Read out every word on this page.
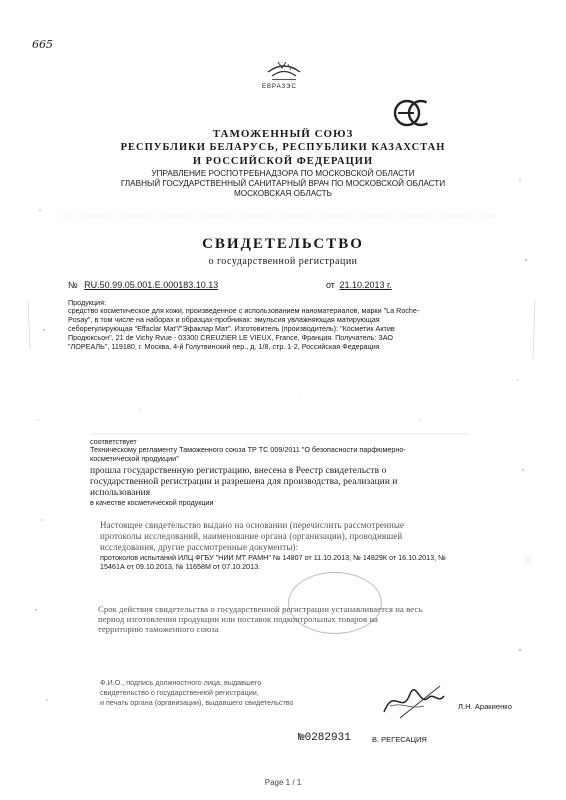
665
ЕВРАЗЭС
ТАМОЖЕННЫЙ СОЮЗ
РЕСПУБЛИКИ БЕЛАРУСЬ, РЕСПУБЛИКИ КАЗАХСТАН
И РОССИЙСКОЙ ФЕДЕРАЦИИ
УПРАВЛЕНИЕ РОСПОТРЕБНАДЗОРА ПО МОСКОВСКОЙ ОБЛАСТИ
ГЛАВНЫЙ ГОСУДАРСТВЕННЫЙ САНИТАРНЫЙ ВРАЧ ПО МОСКОВСКОЙ ОБЛАСТИ
МОСКОВСКАЯ ОБЛАСТЬ
СВИДЕТЕЛЬСТВО
о государственной регистрации
№ RU.50.99.05.001.Е.000183.10.13	от 21.10.2013 г.
Продукция:
средство косметическое для кожи, произведенное с использованием наноматериалов, марки "La Roche-
Posay", в том числе на наборах и образцах-пробниках: эмульсия увлажняющая матирующая
себорегулирующая "Effaclar Mat"/"Эфаклар Мат". Изготовитель (производитель): "Косметик Актив
Продюксьон", 21 de Vichy Rvue - 03300 CREUZIER LE VIEUX, France, Франция. Получатель: ЗАО
"ЛОРЕАЛЬ", 119180, г. Москва, 4-й Голутвинский пер., д. 1/8, стр. 1-2, Российская Федерация
соответствует
Техническому регламенту Таможенного союза ТР ТС 009/2011 "О безопасности парфюмерно-
косметической продукции"
прошла государственную регистрацию, внесена в Реестр свидетельств о
государственной регистрации и разрешена для производства, реализации и
использования
в качестве косметической продукции
Настоящее свидетельство выдано на основании (перечислить рассмотренные
протоколы исследований, наименование органа (организации), проводившей
исследования, другие рассмотренные документы):
протоколов испытаний ИЛЦ ФГБУ "НИИ МТ РАМН" № 14807 от 11.10.2013, № 14829К от 16.10.2013, №
15461А от 09.10.2013, № 11658М от 07.10.2013.
Срок действия свидетельства о государственной регистрации устанавливается на весь
период изготовления продукции или поставок подконтрольных товаров на
территорию таможенного союза
Ф.И.О., подпись должностного лица, выдавшего
свидетельство о государственной регистрации,
и печать органа (организации), выдавшего свидетельство	Л.Н. Аракиенко
№0282931	В. РЕГЕСАЦИЯ
Page 1 / 1
